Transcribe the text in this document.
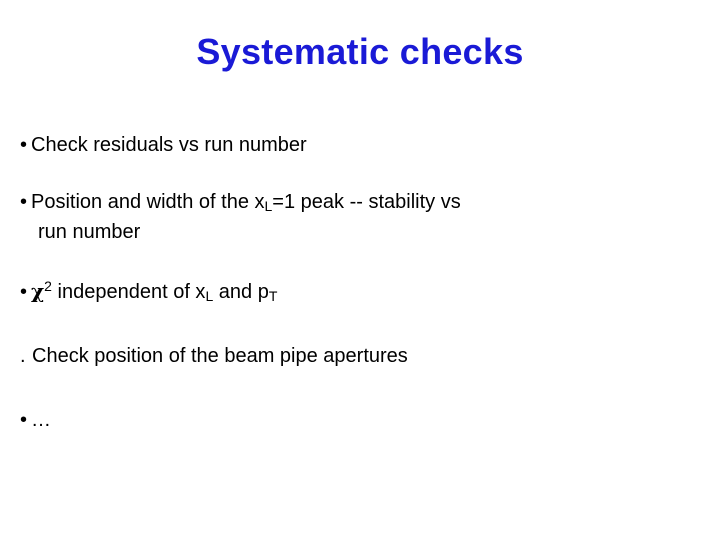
Systematic checks
• Check residuals vs run number
• Position and width of the $x_L=1$ peak -- stability vs
run number
• $\chi^2$ independent of $x_L$ and $p_T$
. Check position of the beam pipe apertures
• …
